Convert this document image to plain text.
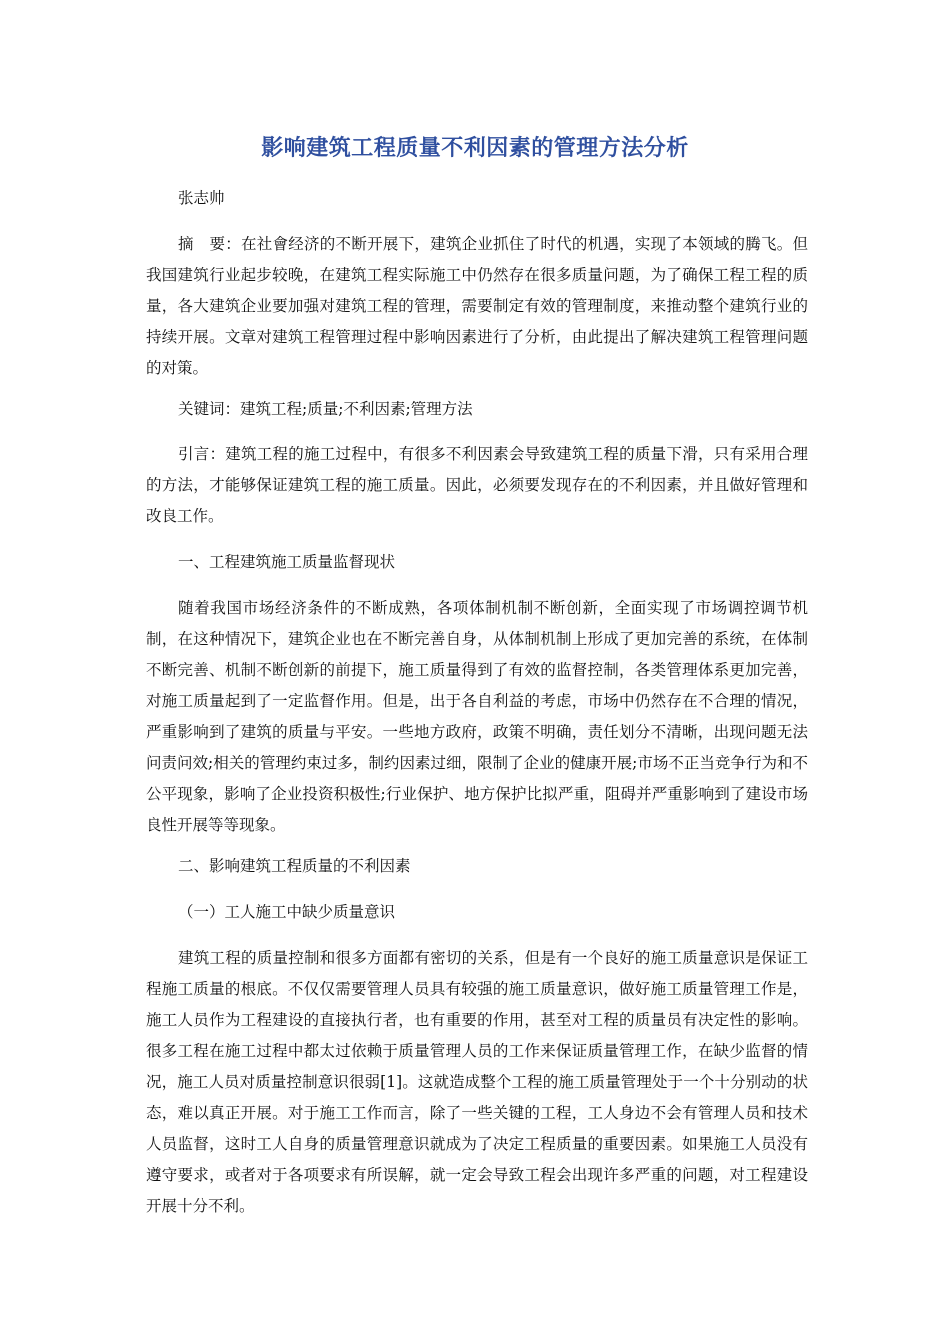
影响建筑工程质量不利因素的管理方法分析

张志帅

摘　要：在社會经济的不断开展下，建筑企业抓住了时代的机遇，实现了本领域的腾飞。但我国建筑行业起步较晚，在建筑工程实际施工中仍然存在很多质量问题，为了确保工程工程的质量，各大建筑企业要加强对建筑工程的管理，需要制定有效的管理制度，来推动整个建筑行业的持续开展。文章对建筑工程管理过程中影响因素进行了分析，由此提出了解决建筑工程管理问题的对策。

关键词：建筑工程;质量;不利因素;管理方法

引言：建筑工程的施工过程中，有很多不利因素会导致建筑工程的质量下滑，只有采用合理的方法，才能够保证建筑工程的施工质量。因此，必须要发现存在的不利因素，并且做好管理和改良工作。

一、工程建筑施工质量监督现状

随着我国市场经济条件的不断成熟，各项体制机制不断创新，全面实现了市场调控调节机制，在这种情况下，建筑企业也在不断完善自身，从体制机制上形成了更加完善的系统，在体制不断完善、机制不断创新的前提下，施工质量得到了有效的监督控制，各类管理体系更加完善，对施工质量起到了一定监督作用。但是，出于各自利益的考虑，市场中仍然存在不合理的情况，严重影响到了建筑的质量与平安。一些地方政府，政策不明确，责任划分不清晰，出现问题无法问责问效;相关的管理约束过多，制约因素过细，限制了企业的健康开展;市场不正当竞争行为和不公平现象，影响了企业投资积极性;行业保护、地方保护比拟严重，阻碍并严重影响到了建设市场良性开展等等现象。

二、影响建筑工程质量的不利因素

（一）工人施工中缺少质量意识

建筑工程的质量控制和很多方面都有密切的关系，但是有一个良好的施工质量意识是保证工程施工质量的根底。不仅仅需要管理人员具有较强的施工质量意识，做好施工质量管理工作是，施工人员作为工程建设的直接执行者，也有重要的作用，甚至对工程的质量员有决定性的影响。很多工程在施工过程中都太过依赖于质量管理人员的工作来保证质量管理工作，在缺少监督的情况，施工人员对质量控制意识很弱[1]。这就造成整个工程的施工质量管理处于一个十分别动的状态，难以真正开展。对于施工工作而言，除了一些关键的工程，工人身边不会有管理人员和技术人员监督，这时工人自身的质量管理意识就成为了决定工程质量的重要因素。如果施工人员没有遵守要求，或者对于各项要求有所误解，就一定会导致工程会出现许多严重的问题，对工程建设开展十分不利。
